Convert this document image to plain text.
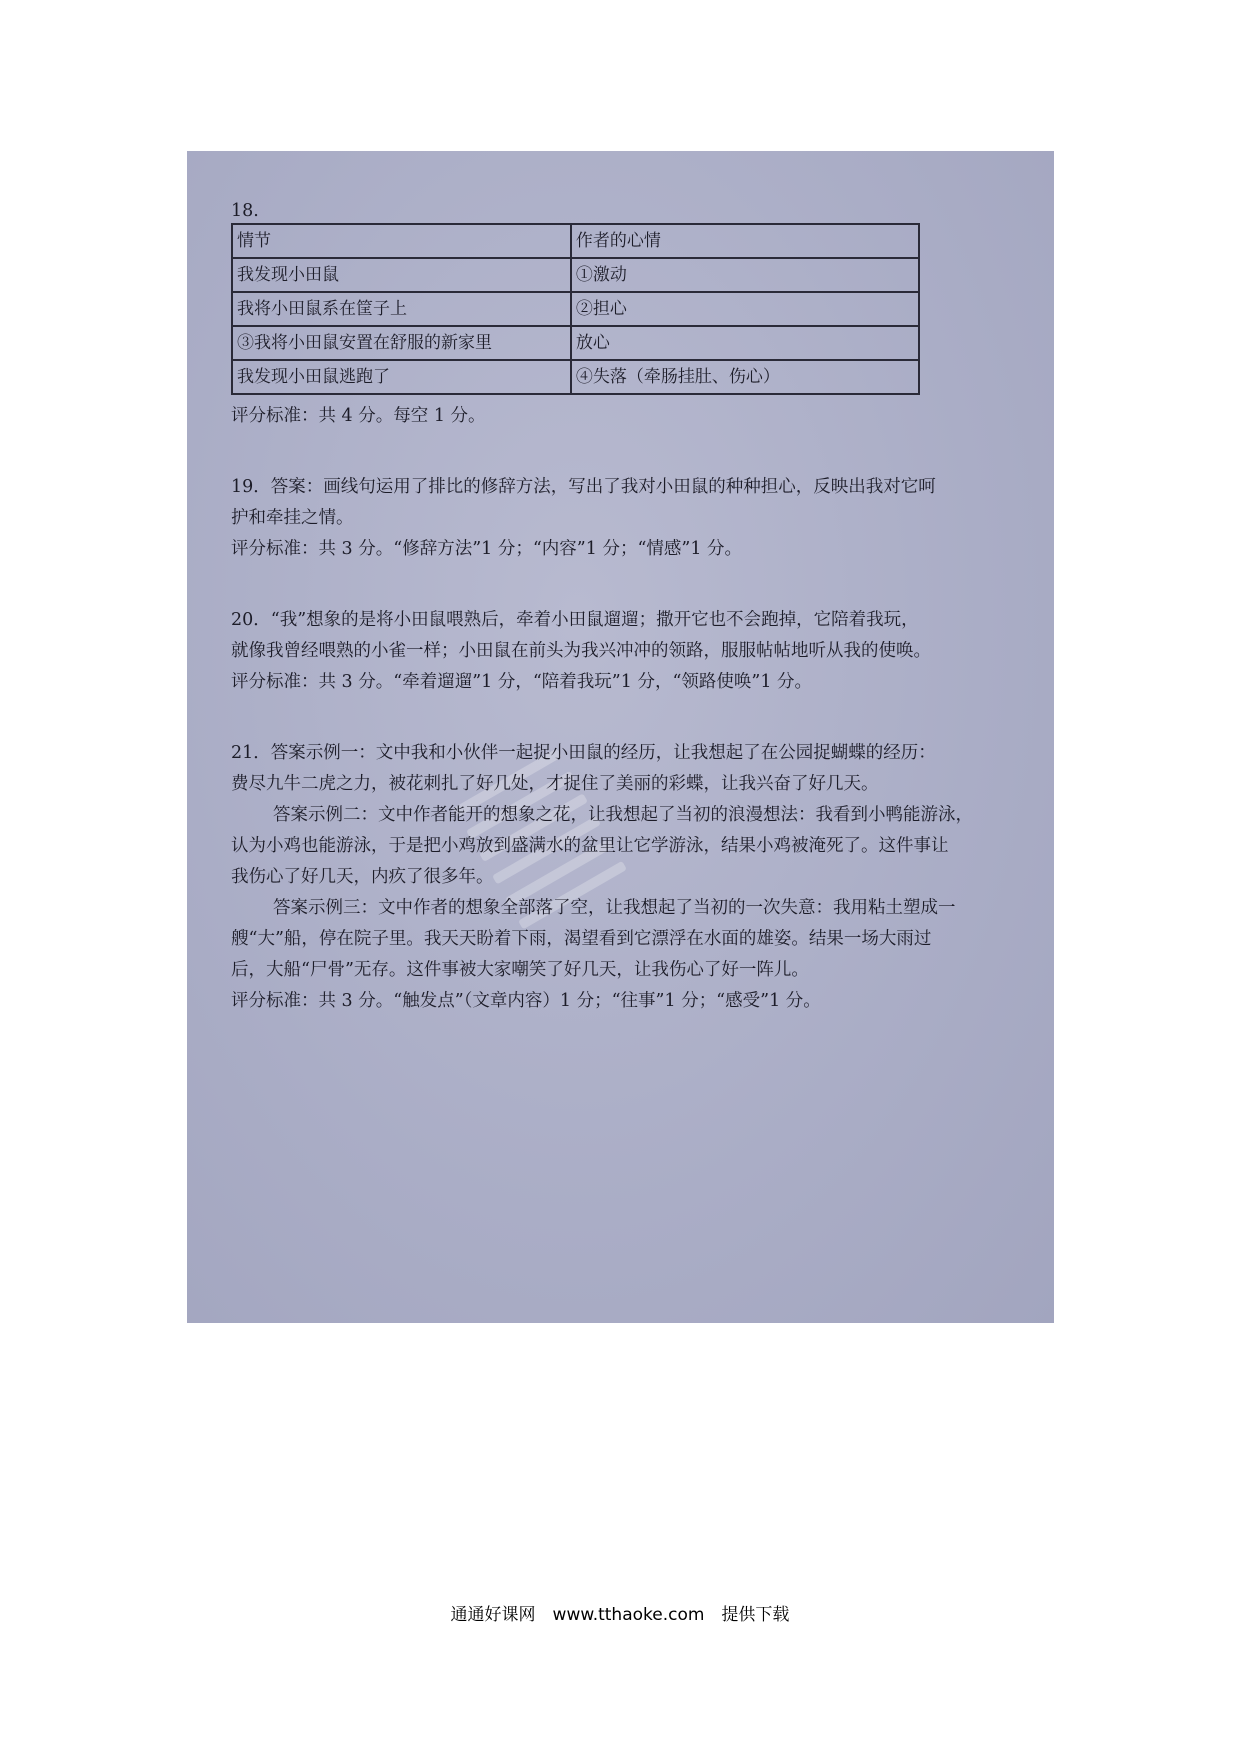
18.

情节	作者的心情
我发现小田鼠	①激动
我将小田鼠系在筐子上	②担心
③我将小田鼠安置在舒服的新家里	放心
我发现小田鼠逃跑了	④失落（牵肠挂肚、伤心）

评分标准：共 4 分。每空 1 分。

19．答案：画线句运用了排比的修辞方法，写出了我对小田鼠的种种担心，反映出我对它呵

护和牵挂之情。

评分标准：共 3 分。“修辞方法”1 分；“内容”1 分；“情感”1 分。

20．“我”想象的是将小田鼠喂熟后，牵着小田鼠遛遛；撒开它也不会跑掉，它陪着我玩，

就像我曾经喂熟的小雀一样；小田鼠在前头为我兴冲冲的领路，服服帖帖地听从我的使唤。

评分标准：共 3 分。“牵着遛遛”1 分，“陪着我玩”1 分，“领路使唤”1 分。

21．答案示例一：文中我和小伙伴一起捉小田鼠的经历，让我想起了在公园捉蝴蝶的经历：

费尽九牛二虎之力，被花刺扎了好几处，才捉住了美丽的彩蝶，让我兴奋了好几天。

答案示例二：文中作者能开的想象之花，让我想起了当初的浪漫想法：我看到小鸭能游泳，

认为小鸡也能游泳，于是把小鸡放到盛满水的盆里让它学游泳，结果小鸡被淹死了。这件事让

我伤心了好几天，内疚了很多年。

答案示例三：文中作者的想象全部落了空，让我想起了当初的一次失意：我用粘土塑成一

艘“大”船，停在院子里。我天天盼着下雨，渴望看到它漂浮在水面的雄姿。结果一场大雨过

后，大船“尸骨”无存。这件事被大家嘲笑了好几天，让我伤心了好一阵儿。

评分标准：共 3 分。“触发点”（文章内容）1 分；“往事”1 分；“感受”1 分。

通通好课网　www.tthaoke.com　提供下载
